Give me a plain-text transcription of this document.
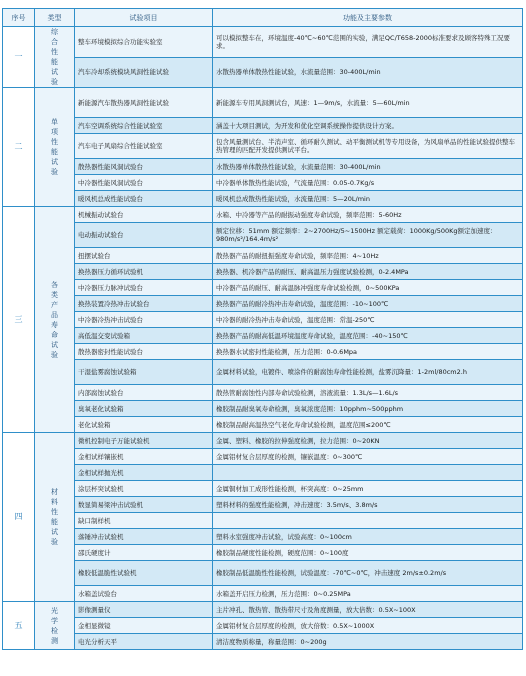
序号	类型	试验项目	功能及主要参数
一	综合性能试验	整车环境模拟综合功能实验室	可以模拟整车在，环境温度-40℃~60℃范围的实验，满足QC/T658-2000标准要求及顾客特殊工况要求。
		汽车冷却系统模块风洞性能试验	水散热器单体散热性能试验，水流量范围：30-400L/min
二	单项性能试验	新能源汽车散热器风洞性能试验	新能源车专用风洞测试台，风速：1—9m/s，水流量：5—60L/min
		汽车空调系统综合性能试验室	涵盖十大项目测试，为开发和优化空调系统操作提供设计方案。
		汽车电子风扇综合性能试验室	包含风量测试台、半消声室、循环耐久测试、动平衡测试机等专用设备，为风扇单品的性能试验提供整车热管理的匹配开发提供测试平台。
		散热器性能风洞试验台	水散热器单体散热性能试验，水流量范围：30-400L/min
		中冷器性能风洞试验台	中冷器单体散热性能试验，气流量范围：0.05-0.7Kg/s
		暖风机总成性能试验台	暖风机总成散热性能试验，水流量范围：5—20L/min
三	各类产品寿命试验	机械振动试验台	水箱、中冷器等产品的耐振动强度寿命试验，频率范围：5-60Hz
		电动振动试验台	额定位移：51mm 额定频率：2~2700Hz/5~1500Hz 额定载荷：1000Kg/500Kg额定加速度：980m/s²/164.4m/s²
		扭摆试验台	散热器产品的耐扭振强度寿命试验，频率范围：4~10Hz
		换热器压力循环试验机	换热器、机冷器产品的耐压、耐高温压力强度试验检测，0-2.4MPa
		中冷器压力脉冲试验台	中冷器产品的耐压、耐高温脉冲强度寿命试验检测，0~500KPa
		换热装置冷热冲击试验台	换热器产品的耐冷热冲击寿命试验，温度范围：-10~100℃
		中冷器冷热冲击试验台	中冷器的耐冷热冲击寿命试验，温度范围：常温-250℃
		高低温交变试验箱	换热器产品的耐高低温环境温度寿命试验，温度范围：-40~150℃
		散热器密封性能试验台	换热器水试密封性能检测，压力范围：0-0.6Mpa
		干湿盐雾腐蚀试验箱	金属材料试验，电镀件、喷涂件的耐腐蚀寿命性能检测，盐雾沉降量：1-2ml/80cm2.h
		内部腐蚀试验台	散热管耐腐蚀性内部寿命试验检测，溶液流量：1.3L/s—1.6L/s
		臭氧老化试验箱	橡胶制品耐臭氧寿命检测，臭氧浓度范围：10pphm~500pphm
		老化试验箱	橡胶制品耐高温热空气老化寿命试验检测，温度范围≤200℃
四	材料性能试验	微机控制电子万能试验机	金属、塑料、橡胶的拉伸强度检测，拉力范围：0~20KN
		金相试样镶嵌机	金属铝材复合层厚度的检测，镶嵌温度：0~300℃
		金相试样抛光机	
		涂层杯突试验机	金属铜材加工成形性能检测，杯突高度：0~25mm
		数显简易梁冲击试验机	塑料材料的强度性能检测，冲击速度：3.5m/s、3.8m/s
		缺口制样机	
		落锤冲击试验机	塑料水室强度冲击试验，试验高度：0~100cm
		邵氏硬度计	橡胶制品硬度性能检测，硬度范围：0~100度
		橡胶低温脆性试验机	橡胶制品低温脆性性能检测，试验温度：-70℃~0℃，冲击速度 2m/s±0.2m/s
		水箱盖试验台	水箱盖开启压力检测，压力范围：0~0.25MPa
五	光学检测	影像测量仪	主片冲孔、散热管、散热带尺寸及角度测量，放大倍数：0.5X~100X
		金相显微镜	金属铝材复合层厚度的检测，放大倍数：0.5X~1000X
		电光分析天平	清洁度物质称量，称量范围：0~200g
